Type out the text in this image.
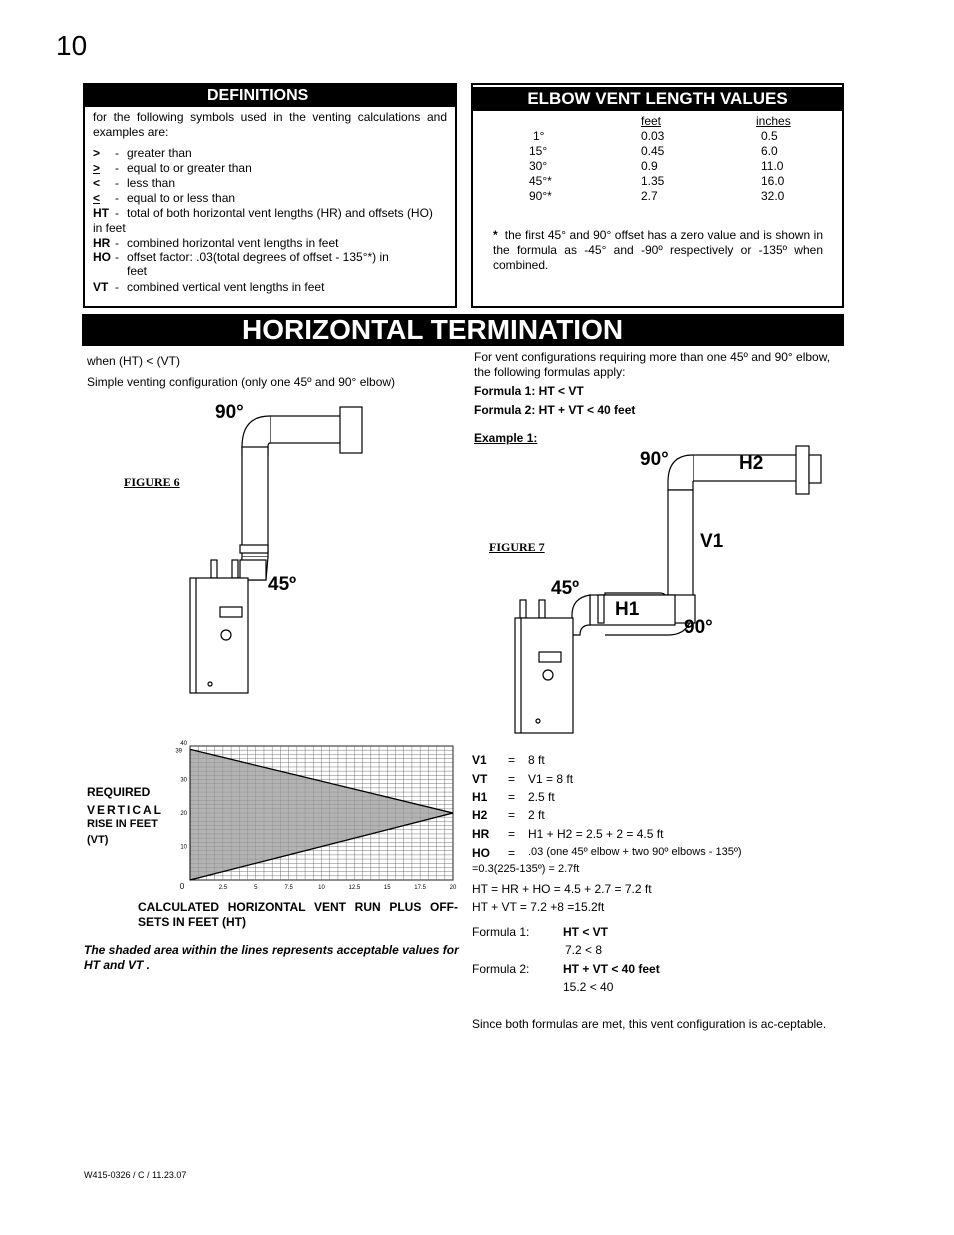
10
DEFINITIONS
for the following symbols used in the venting calculations and examples are:
> - greater than
> - equal to or greater than
< - less than
< - equal to or less than
HT - total of both horizontal vent lengths (HR) and offsets (HO)
in feet
HR - combined horizontal vent lengths in feet
HO - offset factor: .03(total degrees of offset - 135°*) in
feet
VT - combined vertical vent lengths in feet
ELBOW VENT LENGTH VALUES
feet	inches
1°	0.03	0.5
15°	0.45	6.0
30°	0.9	11.0
45°*	1.35	16.0
90°*	2.7	32.0
* the first 45° and 90° offset has a zero value and is shown in the formula as -45° and -90º respectively or -135º when combined.
HORIZONTAL TERMINATION
when (HT) < (VT)
Simple venting configuration (only one 45º and 90° elbow)
90°
45º
FIGURE 6
REQUIRED
VERTICAL
RISE IN FEET
(VT)
0	2.5	5	7.5	10	12.5	15	17.5	20
10
20
30
39
40
CALCULATED HORIZONTAL VENT RUN PLUS OFF-SETS IN FEET (HT)
The shaded area within the lines represents acceptable values for HT and VT .
For vent configurations requiring more than one 45º and 90° elbow, the following formulas apply:
Formula 1: HT < VT
Formula 2: HT + VT < 40 feet
Example 1:
90°	H2
V1
45º
H1
90°
FIGURE 7
V1 = 8 ft
VT = V1 = 8 ft
H1 = 2.5 ft
H2 = 2 ft
HR = H1 + H2 = 2.5 + 2 = 4.5 ft
HO = .03 (one 45º elbow + two 90º elbows - 135º)
=0.3(225-135º) = 2.7ft
HT = HR + HO = 4.5 + 2.7 = 7.2 ft
HT + VT = 7.2 +8 =15.2ft
Formula 1:	HT < VT
7.2 < 8
Formula 2:	HT + VT < 40 feet
15.2 < 40
Since both formulas are met, this vent configuration is ac-ceptable.
W415-0326 / C / 11.23.07
